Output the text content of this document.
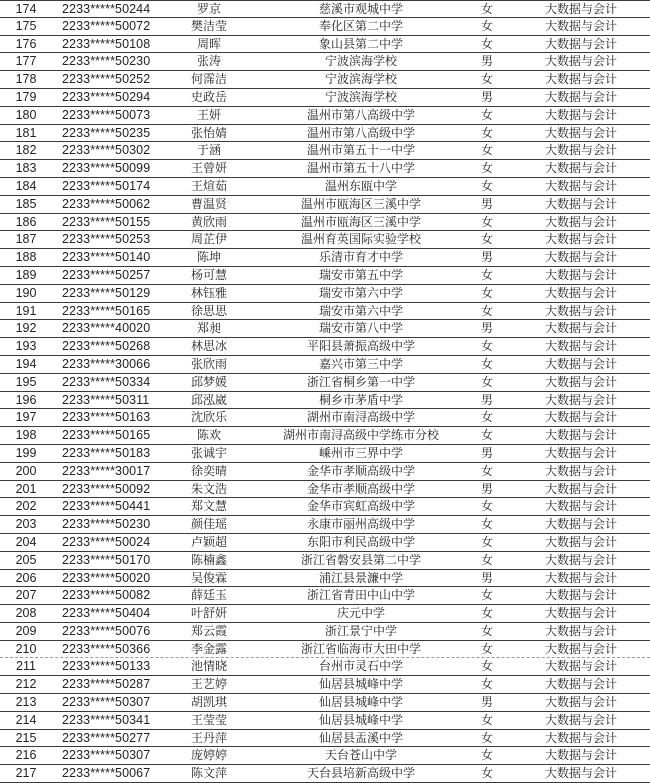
174	2233*****50244	罗京	慈溪市观城中学	女	大数据与会计
175	2233*****50072	樊洁莹	奉化区第二中学	女	大数据与会计
176	2233*****50108	周晖	象山县第二中学	女	大数据与会计
177	2233*****50230	张涛	宁波滨海学校	男	大数据与会计
178	2233*****50252	何霈洁	宁波滨海学校	女	大数据与会计
179	2233*****50294	史政岳	宁波滨海学校	男	大数据与会计
180	2233*****50073	王妍	温州市第八高级中学	女	大数据与会计
181	2233*****50235	张怡婧	温州市第八高级中学	女	大数据与会计
182	2233*****50302	于涵	温州市第五十一中学	女	大数据与会计
183	2233*****50099	王曾妍	温州市第五十八中学	女	大数据与会计
184	2233*****50174	王煊茹	温州东瓯中学	女	大数据与会计
185	2233*****50062	曹温贤	温州市瓯海区三溪中学	男	大数据与会计
186	2233*****50155	黄欣雨	温州市瓯海区三溪中学	女	大数据与会计
187	2233*****50253	周芷伊	温州育英国际实验学校	女	大数据与会计
188	2233*****50140	陈坤	乐清市育才中学	男	大数据与会计
189	2233*****50257	杨可慧	瑞安市第五中学	女	大数据与会计
190	2233*****50129	林钰雅	瑞安市第六中学	女	大数据与会计
191	2233*****50165	徐思思	瑞安市第六中学	女	大数据与会计
192	2233*****40020	郑昶	瑞安市第八中学	男	大数据与会计
193	2233*****50268	林思冰	平阳县萧振高级中学	女	大数据与会计
194	2233*****30066	张欣雨	嘉兴市第三中学	女	大数据与会计
195	2233*****50334	邱梦媛	浙江省桐乡第一中学	女	大数据与会计
196	2233*****50311	邱泓崴	桐乡市茅盾中学	男	大数据与会计
197	2233*****50163	沈欣乐	湖州市南浔高级中学	女	大数据与会计
198	2233*****50165	陈欢	湖州市南浔高级中学练市分校	女	大数据与会计
199	2233*****50183	张诚宇	嵊州市三界中学	男	大数据与会计
200	2233*****30017	徐奕晴	金华市孝顺高级中学	女	大数据与会计
201	2233*****50092	朱文浩	金华市孝顺高级中学	男	大数据与会计
202	2233*****50441	郑文慧	金华市宾虹高级中学	女	大数据与会计
203	2233*****50230	颜佳瑶	永康市丽州高级中学	女	大数据与会计
204	2233*****50024	卢颖超	东阳市利民高级中学	女	大数据与会计
205	2233*****50170	陈楠鑫	浙江省磐安县第二中学	女	大数据与会计
206	2233*****50020	吴俊霖	浦江县景濂中学	男	大数据与会计
207	2233*****50082	薛廷玉	浙江省青田中山中学	女	大数据与会计
208	2233*****50404	叶舒妍	庆元中学	女	大数据与会计
209	2233*****50076	郑云霞	浙江景宁中学	女	大数据与会计
210	2233*****50366	李金露	浙江省临海市大田中学	女	大数据与会计
211	2233*****50133	池情晓	台州市灵石中学	女	大数据与会计
212	2233*****50287	王艺婷	仙居县城峰中学	女	大数据与会计
213	2233*****50307	胡凯琪	仙居县城峰中学	男	大数据与会计
214	2233*****50341	王莹莹	仙居县城峰中学	女	大数据与会计
215	2233*****50277	王丹萍	仙居县盂溪中学	女	大数据与会计
216	2233*****50307	庞婷婷	天台苍山中学	女	大数据与会计
217	2233*****50067	陈文萍	天台县培新高级中学	女	大数据与会计
